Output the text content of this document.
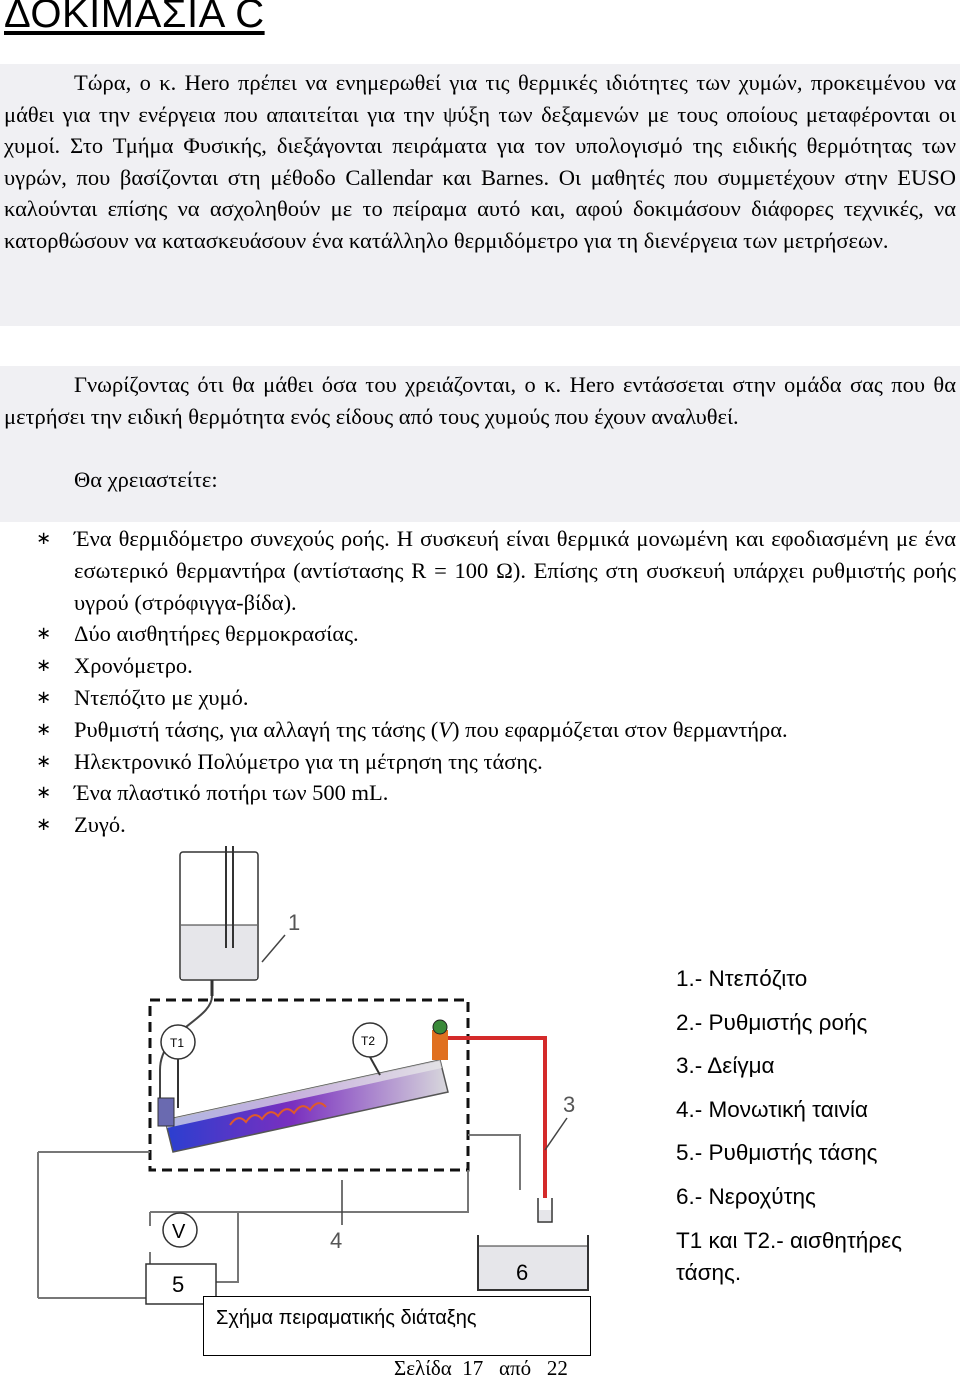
ΔΟΚΙΜΑΣΙΑ C

Τώρα, ο κ. Hero πρέπει να ενημερωθεί για τις θερμικές ιδιότητες των χυμών, προκειμένου να μάθει για την ενέργεια που απαιτείται για την ψύξη των δεξαμενών με τους οποίους μεταφέρονται οι χυμοί. Στο Τμήμα Φυσικής, διεξάγονται πειράματα για τον υπολογισμό της ειδικής θερμότητας των υγρών, που βασίζονται στη μέθοδο Callendar και Barnes. Οι μαθητές που συμμετέχουν στην EUSO καλούνται επίσης να ασχοληθούν με το πείραμα αυτό και, αφού δοκιμάσουν διάφορες τεχνικές, να κατορθώσουν να κατασκευάσουν ένα κατάλληλο θερμιδόμετρο για τη διενέργεια των μετρήσεων.

Γνωρίζοντας ότι θα μάθει όσα του χρειάζονται, ο κ. Hero εντάσσεται στην ομάδα σας που θα μετρήσει την ειδική θερμότητα ενός είδους από τους χυμούς που έχουν αναλυθεί.

Θα χρειαστείτε:
∗ Ένα θερμιδόμετρο συνεχούς ροής. Η συσκευή είναι θερμικά μονωμένη και εφοδιασμένη με ένα εσωτερικό θερμαντήρα (αντίστασης R = 100 Ω). Επίσης στη συσκευή υπάρχει ρυθμιστής ροής υγρού (στρόφιγγα-βίδα).
∗ Δύο αισθητήρες θερμοκρασίας.
∗ Χρονόμετρο.
∗ Ντεπόζιτο με χυμό.
∗ Ρυθμιστή τάσης, για αλλαγή της τάσης (V) που εφαρμόζεται στον θερμαντήρα.
∗ Ηλεκτρονικό Πολύμετρο για τη μέτρηση της τάσης.
∗ Ένα πλαστικό ποτήρι των 500 mL.
∗ Ζυγό.
1
T1	T2
3
6
V
5
4
1.- Ντεπόζιτο
2.- Ρυθμιστής ροής
3.- Δείγμα
4.- Μονωτική ταινία
5.- Ρυθμιστής τάσης
6.- Νεροχύτης
T1 και T2.- αισθητήρες τάσης.
Σχήμα πειραματικής διάταξης
Σελίδα  17   από   22
